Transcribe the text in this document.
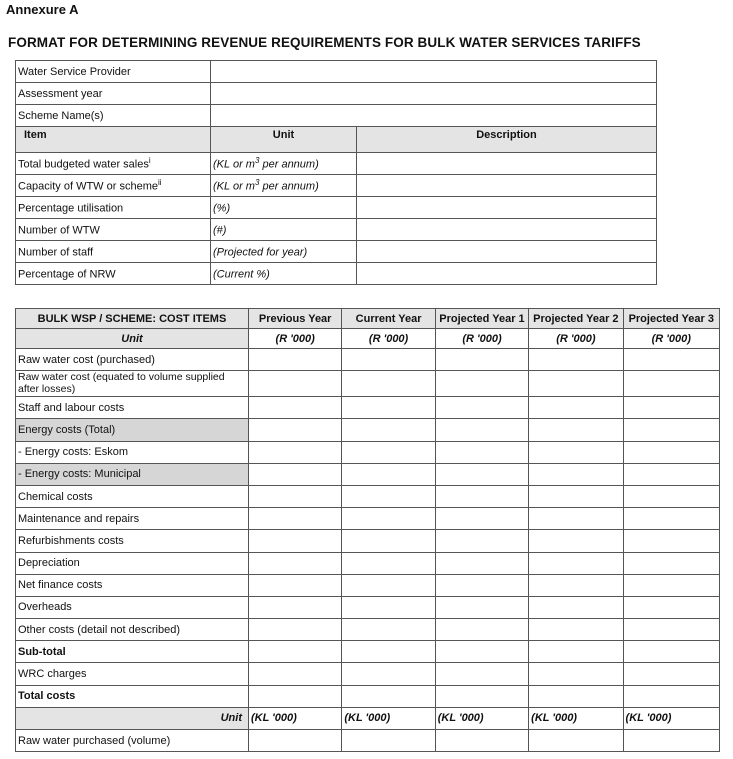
Annexure A
FORMAT FOR DETERMINING REVENUE REQUIREMENTS FOR BULK WATER SERVICES TARIFFS
Water Service Provider		
Assessment year		
Scheme Name(s)		
Item	Unit	Description
Total budgeted water sales$^i$	(KL or $m^3$ per annum)	
Capacity of WTW or scheme$^{ii}$	(KL or $m^3$ per annum)	
Percentage utilisation	(%)	
Number of WTW	(#)	
Number of staff	(Projected for year)	
Percentage of NRW	(Current %)	
BULK WSP / SCHEME: COST ITEMS	Previous Year	Current Year	Projected Year 1	Projected Year 2	Projected Year 3
Unit	(R '000)	(R '000)	(R '000)	(R '000)	(R '000)
Raw water cost (purchased)					
Raw water cost (equated to volume supplied after losses)					
Staff and labour costs					
Energy costs (Total)					
- Energy costs: Eskom					
- Energy costs: Municipal					
Chemical costs					
Maintenance and repairs					
Refurbishments costs					
Depreciation					
Net finance costs					
Overheads					
Other costs (detail not described)					
Sub-total					
WRC charges					
Total costs					
Unit	(KL '000)	(KL '000)	(KL '000)	(KL '000)	(KL '000)
Raw water purchased (volume)					
